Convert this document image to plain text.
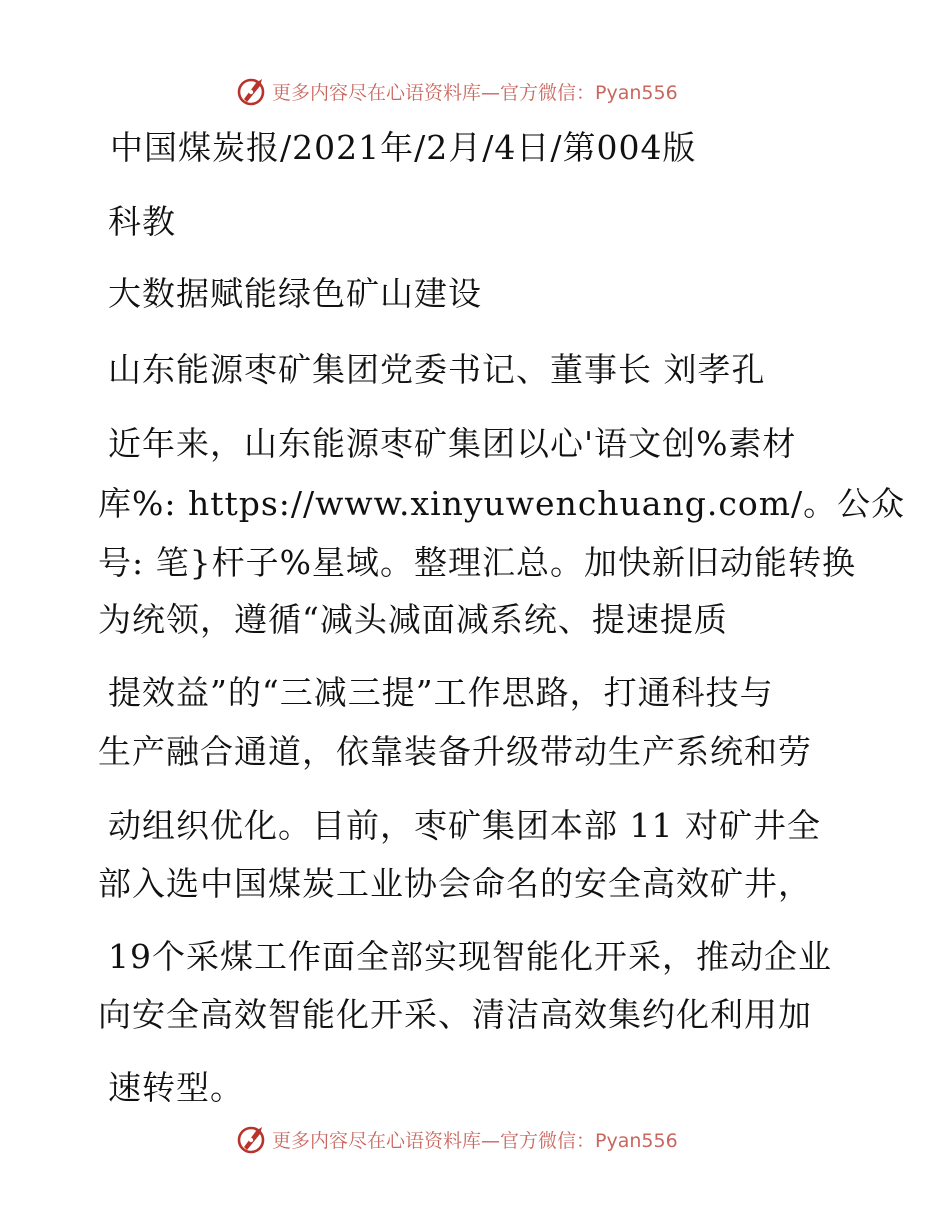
更多内容尽在心语资料库—官方微信：Pyan556
中国煤炭报/2021年/2月/4日/第004版
科教
大数据赋能绿色矿山建设
山东能源枣矿集团党委书记、董事长 刘孝孔
近年来，山东能源枣矿集团以心'语文创%素材
库%: https://www.xinyuwenchuang.com/。公众
号: 笔}杆子%星域。整理汇总。加快新旧动能转换
为统领，遵循“减头减面减系统、提速提质
提效益”的“三减三提”工作思路，打通科技与
生产融合通道，依靠装备升级带动生产系统和劳
动组织优化。目前，枣矿集团本部 11 对矿井全
部入选中国煤炭工业协会命名的安全高效矿井，
19个采煤工作面全部实现智能化开采，推动企业
向安全高效智能化开采、清洁高效集约化利用加
速转型。
更多内容尽在心语资料库—官方微信：Pyan556
